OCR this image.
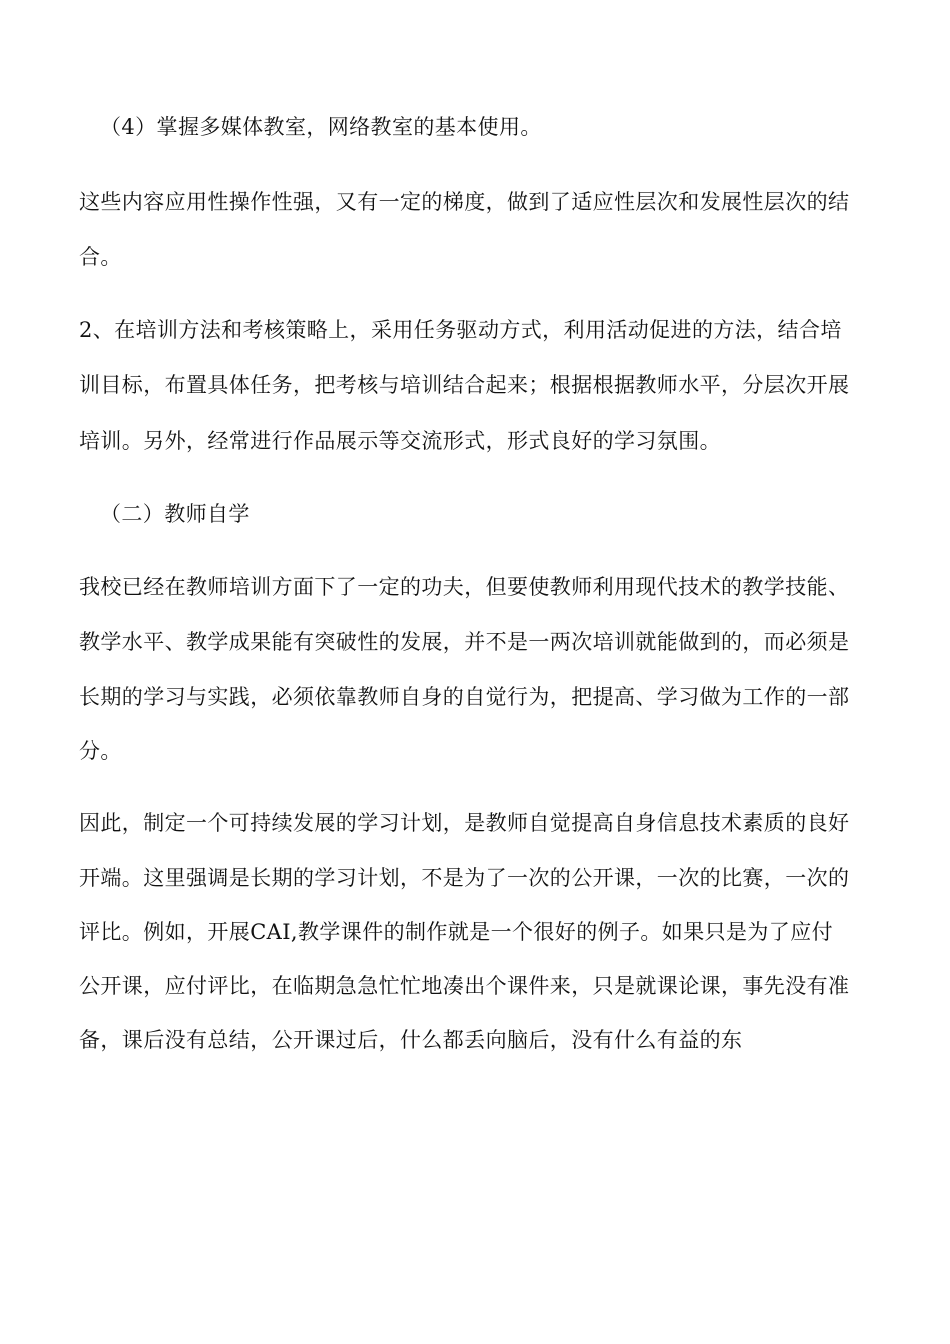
（4）掌握多媒体教室，网络教室的基本使用。
这些内容应用性操作性强，又有一定的梯度，做到了适应性层次和发展性层次的结
合。
2、在培训方法和考核策略上，采用任务驱动方式，利用活动促进的方法，结合培
训目标，布置具体任务，把考核与培训结合起来；根据根据教师水平，分层次开展
培训。另外，经常进行作品展示等交流形式，形式良好的学习氛围。
（二）教师自学
我校已经在教师培训方面下了一定的功夫，但要使教师利用现代技术的教学技能、
教学水平、教学成果能有突破性的发展，并不是一两次培训就能做到的，而必须是
长期的学习与实践，必须依靠教师自身的自觉行为，把提高、学习做为工作的一部
分。
因此，制定一个可持续发展的学习计划，是教师自觉提高自身信息技术素质的良好
开端。这里强调是长期的学习计划，不是为了一次的公开课，一次的比赛，一次的
评比。例如，开展CAI,教学课件的制作就是一个很好的例子。如果只是为了应付
公开课，应付评比，在临期急急忙忙地凑出个课件来，只是就课论课，事先没有准
备，课后没有总结，公开课过后，什么都丢向脑后，没有什么有益的东
